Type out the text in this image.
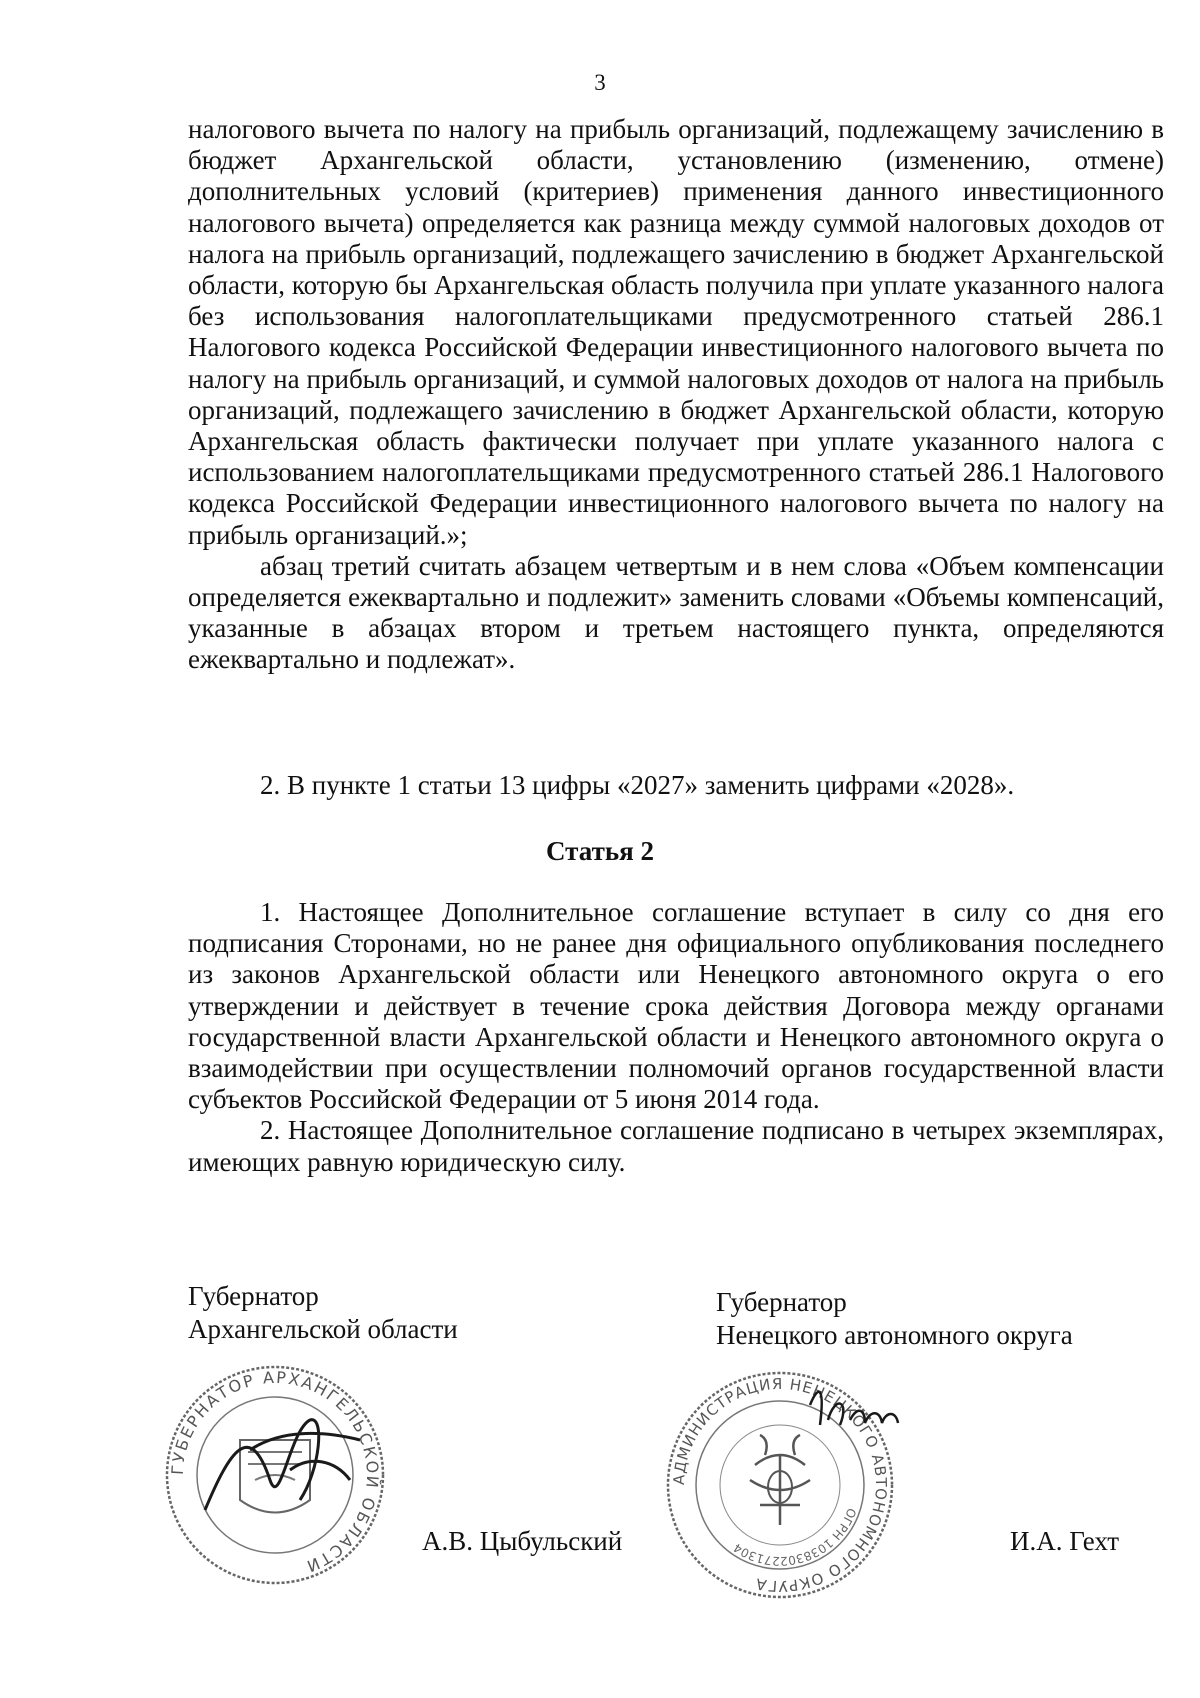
3

налогового вычета по налогу на прибыль организаций, подлежащему зачислению в бюджет Архангельской области, установлению (изменению, отмене) дополнительных условий (критериев) применения данного инвестиционного налогового вычета) определяется как разница между суммой налоговых доходов от налога на прибыль организаций, подлежащего зачислению в бюджет Архангельской области, которую бы Архангельская область получила при уплате указанного налога без использования налогоплательщиками предусмотренного статьей 286.1 Налогового кодекса Российской Федерации инвестиционного налогового вычета по налогу на прибыль организаций, и суммой налоговых доходов от налога на прибыль организаций, подлежащего зачислению в бюджет Архангельской области, которую Архангельская область фактически получает при уплате указанного налога с использованием налогоплательщиками предусмотренного статьей 286.1 Налогового кодекса Российской Федерации инвестиционного налогового вычета по налогу на прибыль организаций.»;

абзац третий считать абзацем четвертым и в нем слова «Объем компенсации определяется ежеквартально и подлежит» заменить словами «Объемы компенсаций, указанные в абзацах втором и третьем настоящего пункта, определяются ежеквартально и подлежат».

2. В пункте 1 статьи 13 цифры «2027» заменить цифрами «2028».

Статья 2

1. Настоящее Дополнительное соглашение вступает в силу со дня его подписания Сторонами, но не ранее дня официального опубликования последнего из законов Архангельской области или Ненецкого автономного округа о его утверждении и действует в течение срока действия Договора между органами государственной власти Архангельской области и Ненецкого автономного округа о взаимодействии при осуществлении полномочий органов государственной власти субъектов Российской Федерации от 5 июня 2014 года.

2. Настоящее Дополнительное соглашение подписано в четырех экземплярах, имеющих равную юридическую силу.

Губернатор
Архангельской области
ГУБЕРНАТОР АРХАНГЕЛЬСКОЙ ОБЛАСТИ
А.В. Цыбульский
Губернатор
Ненецкого автономного округа
АДМИНИСТРАЦИЯ НЕНЕЦКОГО АВТОНОМНОГО ОКРУГА
ОГРН 1038302271304	И.А. Гехт
